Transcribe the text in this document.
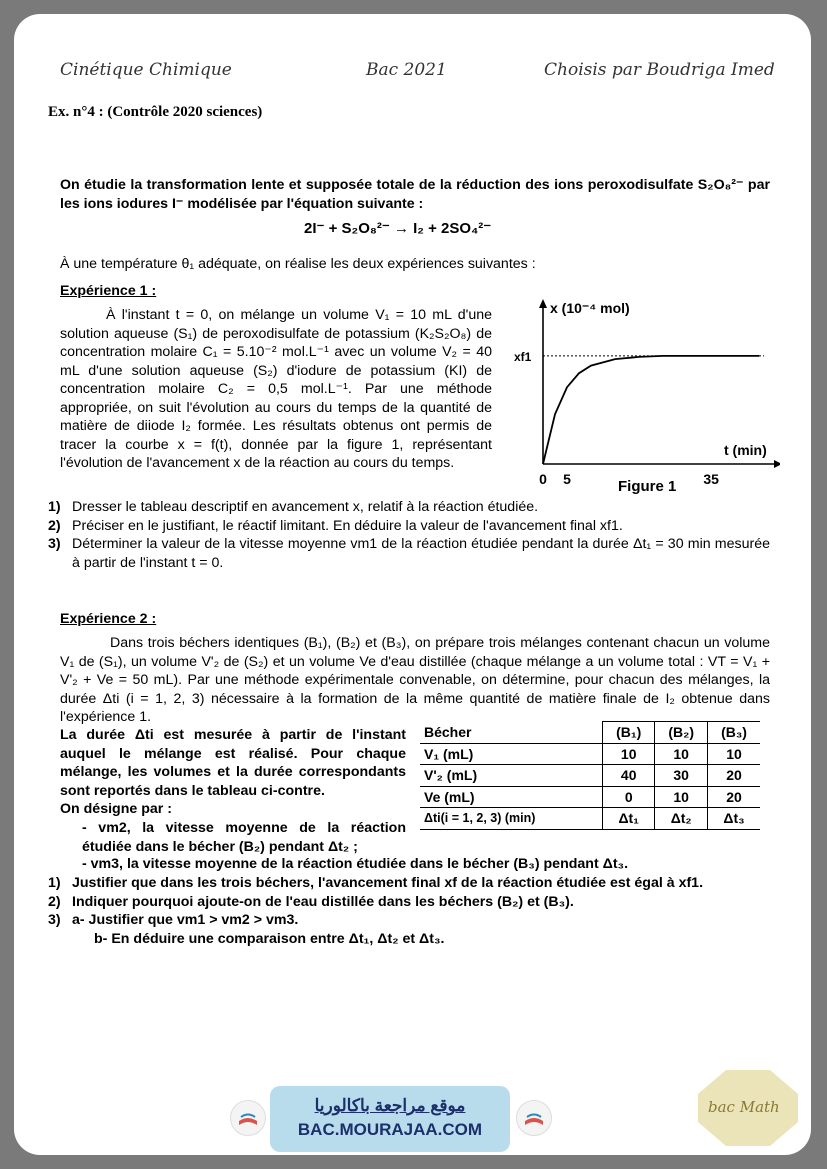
Cinétique Chimique	Bac 2021	Choisis par Boudriga Imed
Ex. n°4 : (Contrôle 2020 sciences)
On étudie la transformation lente et supposée totale de la réduction des ions peroxodisulfate S₂O₈²⁻ par les ions iodures I⁻ modélisée par l'équation suivante :
2I⁻ + S₂O₈²⁻ → I₂ + 2SO₄²⁻
À une température θ₁ adéquate, on réalise les deux expériences suivantes :
Expérience 1 :
À l'instant t = 0, on mélange un volume V₁ = 10 mL d'une solution aqueuse (S₁) de peroxodisulfate de potassium (K₂S₂O₈) de concentration molaire C₁ = 5.10⁻² mol.L⁻¹ avec un volume V₂ = 40 mL d'une solution aqueuse (S₂) d'iodure de potassium (KI) de concentration molaire C₂ = 0,5 mol.L⁻¹. Par une méthode appropriée, on suit l'évolution au cours du temps de la quantité de matière de diiode I₂ formée. Les résultats obtenus ont permis de tracer la courbe x = f(t), donnée par la figure 1, représentant l'évolution de l'avancement x de la réaction au cours du temps.
x (10⁻⁴ mol)
t (min)
xf1
0 5	35
Figure 1
1) Dresser le tableau descriptif en avancement x, relatif à la réaction étudiée.
2) Préciser en le justifiant, le réactif limitant. En déduire la valeur de l'avancement final xf1.
3) Déterminer la valeur de la vitesse moyenne vm1 de la réaction étudiée pendant la durée Δt₁ = 30 min mesurée à partir de l'instant t = 0.
Expérience 2 :
Dans trois béchers identiques (B₁), (B₂) et (B₃), on prépare trois mélanges contenant chacun un volume V₁ de (S₁), un volume V'₂ de (S₂) et un volume Ve d'eau distillée (chaque mélange a un volume total : VT = V₁ + V'₂ + Ve = 50 mL). Par une méthode expérimentale convenable, on détermine, pour chacun des mélanges, la durée Δti (i = 1, 2, 3) nécessaire à la formation de la même quantité de matière finale de I₂ obtenue dans l'expérience 1.
La durée Δti est mesurée à partir de l'instant auquel le mélange est réalisé. Pour chaque mélange, les volumes et la durée correspondants sont reportés dans le tableau ci-contre.
On désigne par :
- vm2, la vitesse moyenne de la réaction étudiée dans le bécher (B₂) pendant Δt₂ ;
- vm3, la vitesse moyenne de la réaction étudiée dans le bécher (B₃) pendant Δt₃.
Bécher	(B₁)	(B₂)	(B₃)
V₁ (mL)	10	10	10
V'₂ (mL)	40	30	20
Ve (mL)	0	10	20
Δti(i = 1, 2, 3) (min)	Δt₁	Δt₂	Δt₃
1) Justifier que dans les trois béchers, l'avancement final xf de la réaction étudiée est égal à xf1.
2) Indiquer pourquoi ajoute-on de l'eau distillée dans les béchers (B₂) et (B₃).
3) a- Justifier que vm1 > vm2 > vm3.
b- En déduire une comparaison entre Δt₁, Δt₂ et Δt₃.
موقع مراجعة باكالوريا
BAC.MOURAJAA.COM
bac Math
